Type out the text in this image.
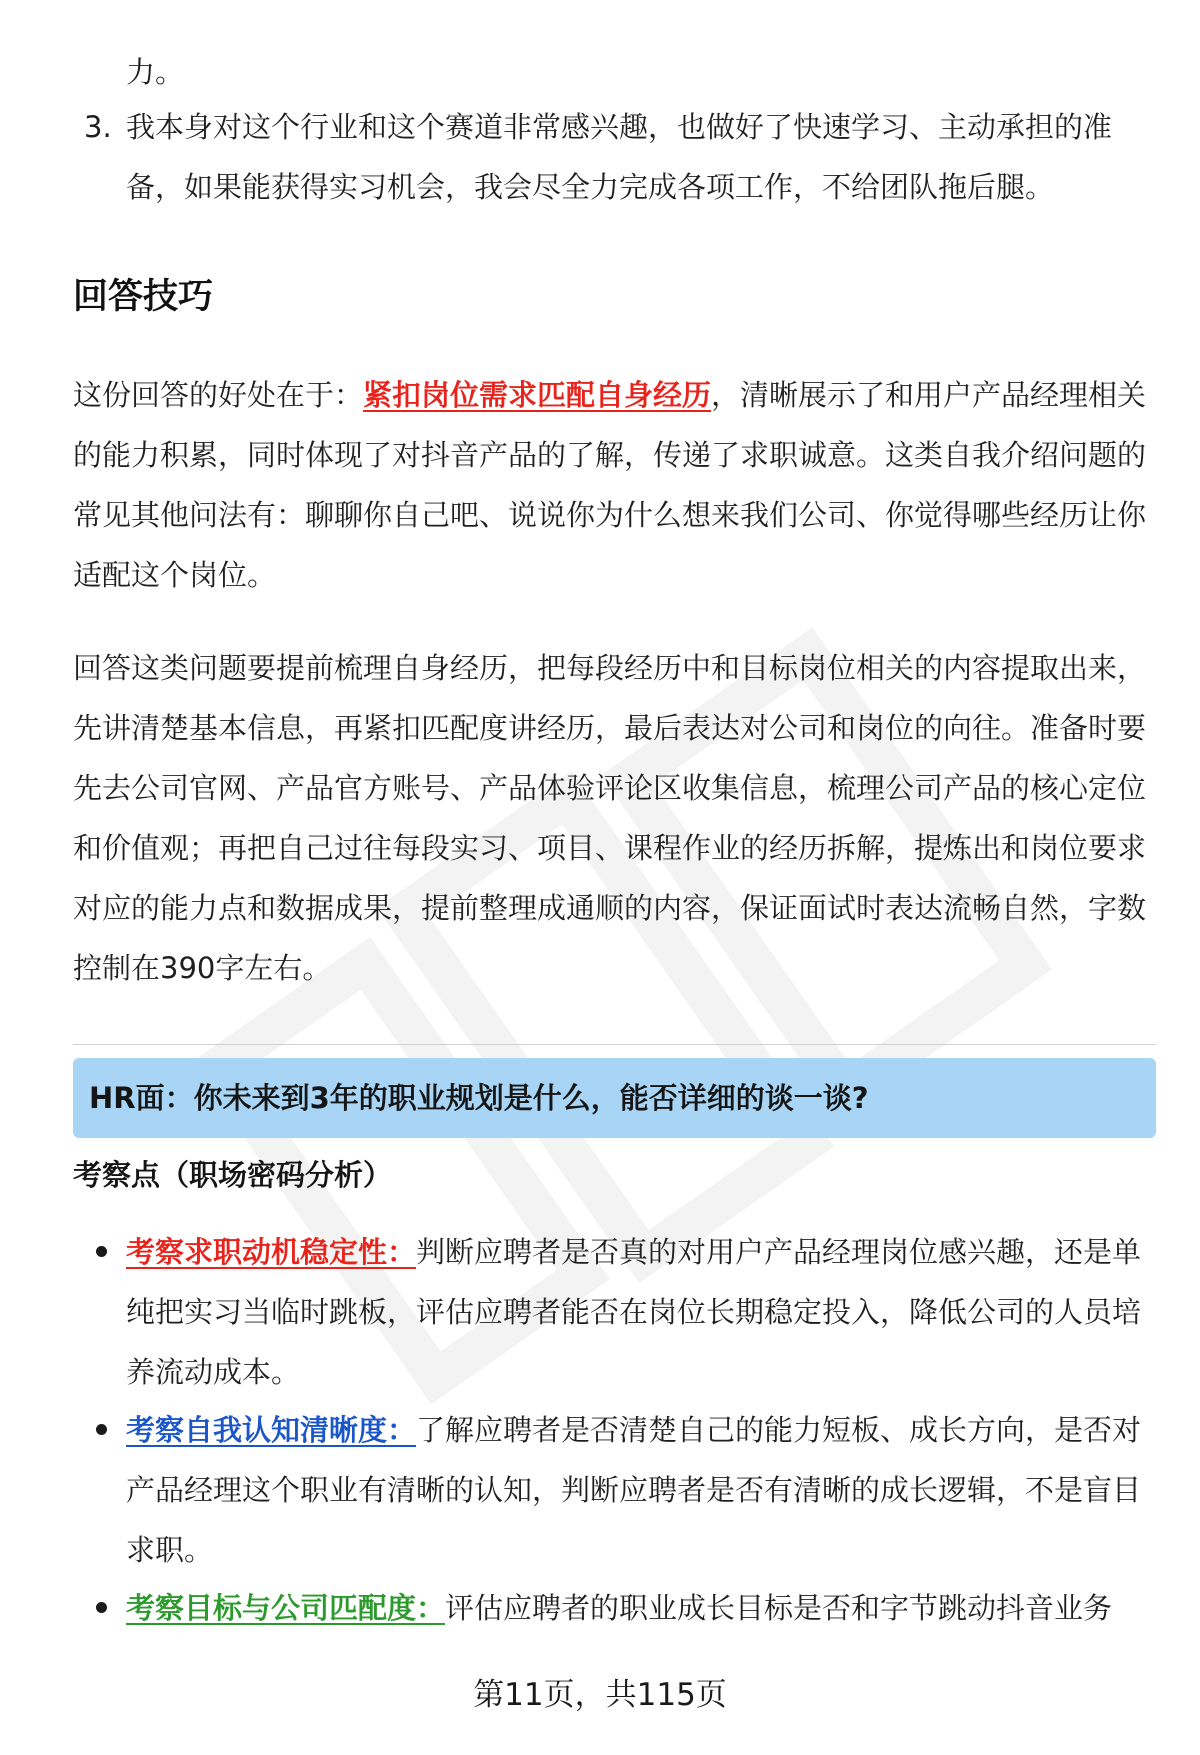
力。
3. 我本身对这个行业和这个赛道非常感兴趣，也做好了快速学习、主动承担的准备，如果能获得实习机会，我会尽全力完成各项工作，不给团队拖后腿。
回答技巧
这份回答的好处在于：紧扣岗位需求匹配自身经历，清晰展示了和用户产品经理相关的能力积累，同时体现了对抖音产品的了解，传递了求职诚意。这类自我介绍问题的常见其他问法有：聊聊你自己吧、说说你为什么想来我们公司、你觉得哪些经历让你适配这个岗位。
回答这类问题要提前梳理自身经历，把每段经历中和目标岗位相关的内容提取出来，先讲清楚基本信息，再紧扣匹配度讲经历，最后表达对公司和岗位的向往。准备时要先去公司官网、产品官方账号、产品体验评论区收集信息，梳理公司产品的核心定位和价值观；再把自己过往每段实习、项目、课程作业的经历拆解，提炼出和岗位要求对应的能力点和数据成果，提前整理成通顺的内容，保证面试时表达流畅自然，字数控制在390字左右。
HR面：你未来到3年的职业规划是什么，能否详细的谈一谈?
考察点（职场密码分析）
考察求职动机稳定性：判断应聘者是否真的对用户产品经理岗位感兴趣，还是单纯把实习当临时跳板，评估应聘者能否在岗位长期稳定投入，降低公司的人员培养流动成本。
考察自我认知清晰度：了解应聘者是否清楚自己的能力短板、成长方向，是否对产品经理这个职业有清晰的认知，判断应聘者是否有清晰的成长逻辑，不是盲目求职。
考察目标与公司匹配度：评估应聘者的职业成长目标是否和字节跳动抖音业务
第11页，共115页
